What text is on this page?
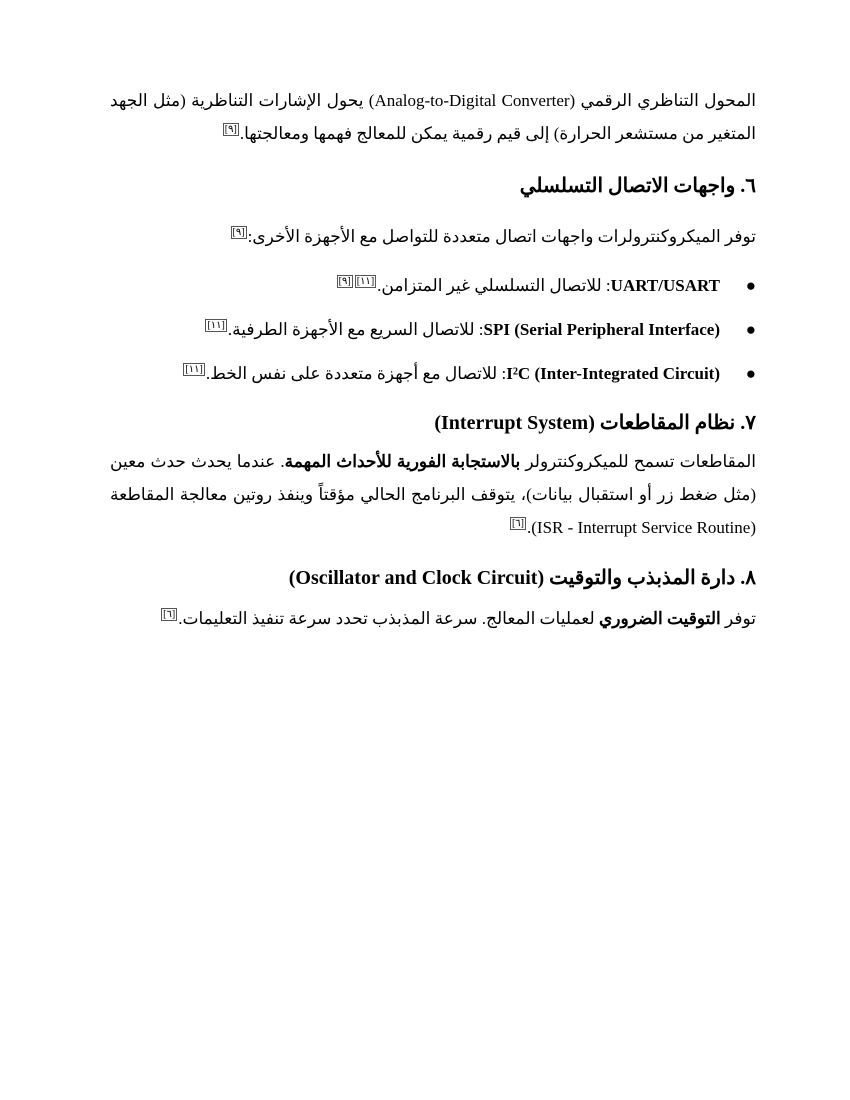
المحول التناظري الرقمي (Analog-to-Digital Converter) يحول الإشارات التناظرية (مثل الجهد المتغير من مستشعر الحرارة) إلى قيم رقمية يمكن للمعالج فهمها ومعالجتها.[٩]

٦. واجهات الاتصال التسلسلي

توفر الميكروكنترولرات واجهات اتصال متعددة للتواصل مع الأجهزة الأخرى:[٩]

●
UART/USART: للاتصال التسلسلي غير المتزامن.[١١][٩]
●
SPI (Serial Peripheral Interface): للاتصال السريع مع الأجهزة الطرفية.[١١]
●
I²C (Inter-Integrated Circuit): للاتصال مع أجهزة متعددة على نفس الخط.[١١]
٧. نظام المقاطعات (Interrupt System)

المقاطعات تسمح للميكروكنترولر بالاستجابة الفورية للأحداث المهمة. عندما يحدث حدث معين (مثل ضغط زر أو استقبال بيانات)، يتوقف البرنامج الحالي مؤقتاً وينفذ روتين معالجة المقاطعة (ISR - Interrupt Service Routine).[٦]

٨. دارة المذبذب والتوقيت (Oscillator and Clock Circuit)

توفر التوقيت الضروري لعمليات المعالج. سرعة المذبذب تحدد سرعة تنفيذ التعليمات.[٦]
